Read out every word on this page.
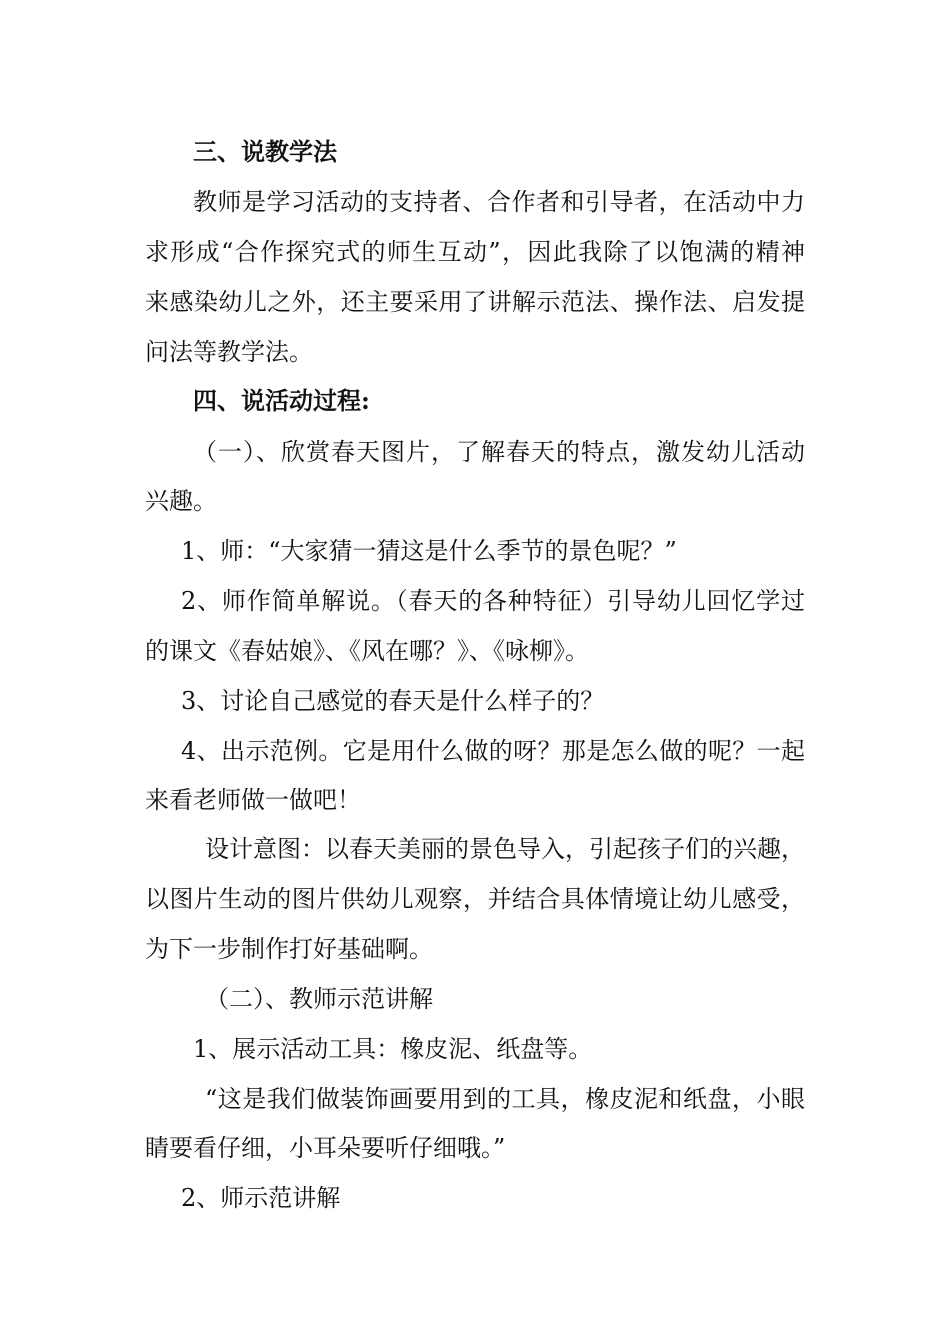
三、说教学法
教师是学习活动的支持者、合作者和引导者，在活动中力
求形成“合作探究式的师生互动”，因此我除了以饱满的精神
来感染幼儿之外，还主要采用了讲解示范法、操作法、启发提
问法等教学法。
四、说活动过程:
（一）、欣赏春天图片，了解春天的特点，激发幼儿活动
兴趣。
1、师：“大家猜一猜这是什么季节的景色呢？”
2、师作简单解说。（春天的各种特征）引导幼儿回忆学过
的课文《春姑娘》、《风在哪？》、《咏柳》。
3、讨论自己感觉的春天是什么样子的？
4、出示范例。它是用什么做的呀？那是怎么做的呢？一起
来看老师做一做吧！
设计意图：以春天美丽的景色导入，引起孩子们的兴趣，
以图片生动的图片供幼儿观察，并结合具体情境让幼儿感受，
为下一步制作打好基础啊。
（二）、教师示范讲解
1、展示活动工具：橡皮泥、纸盘等。
“这是我们做装饰画要用到的工具，橡皮泥和纸盘，小眼
睛要看仔细，小耳朵要听仔细哦。”
2、师示范讲解
